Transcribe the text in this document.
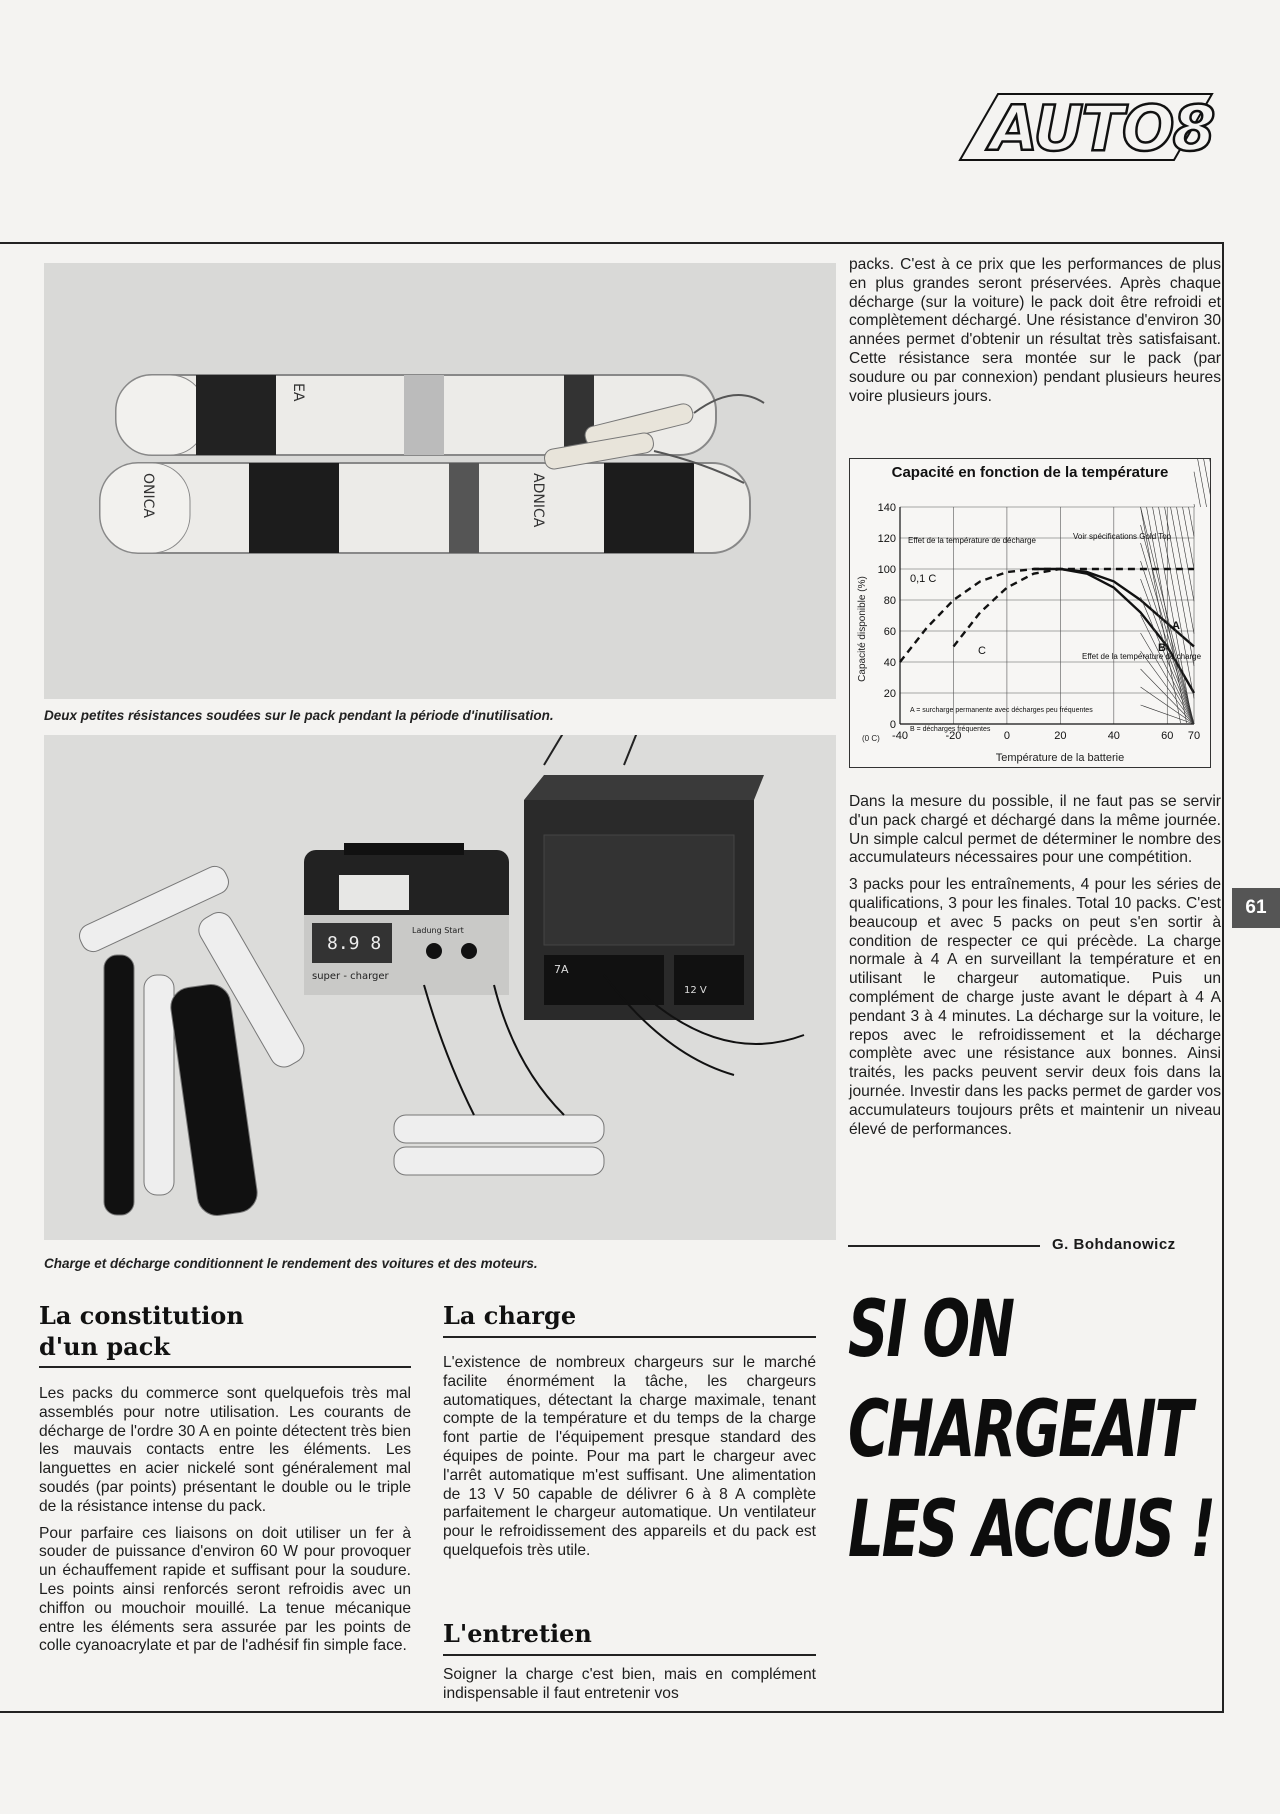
AUTO8
ONICA
EA
ADNICA
Deux petites résistances soudées sur le pack pendant la période d'inutilisation.
7A
12 V
8.9 8
super - charger
Ladung Start
Charge et décharge conditionnent le rendement des voitures et des moteurs.

packs. C'est à ce prix que les performances de plus en plus grandes seront préservées. Après chaque décharge (sur la voiture) le pack doit être refroidi et complètement déchargé. Une résistance d'environ 30 années permet d'obtenir un résultat très satisfaisant. Cette résistance sera montée sur le pack (par soudure ou par connexion) pendant plusieurs heures voire plusieurs jours.

Capacité en fonction de la température
0
20
40
60
80
100
120
140
-40	-20	0	20	40	60 70
Capacité disponible (%)
Température de la batterie
(0 C)
Effet de la température de décharge	Voir spécifications Gold Top
Effet de la température de charge
A = surcharge permanente avec décharges peu fréquentes
B = décharges fréquentes
0,1 C
C
A
B

Dans la mesure du possible, il ne faut pas se servir d'un pack chargé et déchargé dans la même journée. Un simple calcul permet de déterminer le nombre des accumulateurs nécessaires pour une compétition.

3 packs pour les entraînements, 4 pour les séries de qualifications, 3 pour les finales. Total 10 packs. C'est beaucoup et avec 5 packs on peut s'en sortir à condition de respecter ce qui précède. La charge normale à 4 A en surveillant la température et en utilisant le chargeur automatique. Puis un complément de charge juste avant le départ à 4 A pendant 3 à 4 minutes. La décharge sur la voiture, le repos avec le refroidissement et la décharge complète avec une résistance aux bonnes. Ainsi traités, les packs peuvent servir deux fois dans la journée. Investir dans les packs permet de garder vos accumulateurs toujours prêts et maintenir un niveau élevé de performances.

G. Bohdanowicz
61
SI ON
CHARGEAIT
LES ACCUS !
La constitution
d'un pack

Les packs du commerce sont quelquefois très mal assemblés pour notre utilisation. Les courants de décharge de l'ordre 30 A en pointe détectent très bien les mauvais contacts entre les éléments. Les languettes en acier nickelé sont généralement mal soudés (par points) présentant le double ou le triple de la résistance intense du pack.

Pour parfaire ces liaisons on doit utiliser un fer à souder de puissance d'environ 60 W pour provoquer un échauffement rapide et suffisant pour la soudure. Les points ainsi renforcés seront refroidis avec un chiffon ou mouchoir mouillé. La tenue mécanique entre les éléments sera assurée par les points de colle cyanoacrylate et par de l'adhésif fin simple face.

La charge

L'existence de nombreux chargeurs sur le marché facilite énormément la tâche, les chargeurs automatiques, détectant la charge maximale, tenant compte de la température et du temps de la charge font partie de l'équipement presque standard des équipes de pointe. Pour ma part le chargeur avec l'arrêt automatique m'est suffisant. Une alimentation de 13 V 50 capable de délivrer 6 à 8 A complète parfaitement le chargeur automatique. Un ventilateur pour le refroidissement des appareils et du pack est quelquefois très utile.

L'entretien

Soigner la charge c'est bien, mais en complément indispensable il faut entretenir vos
